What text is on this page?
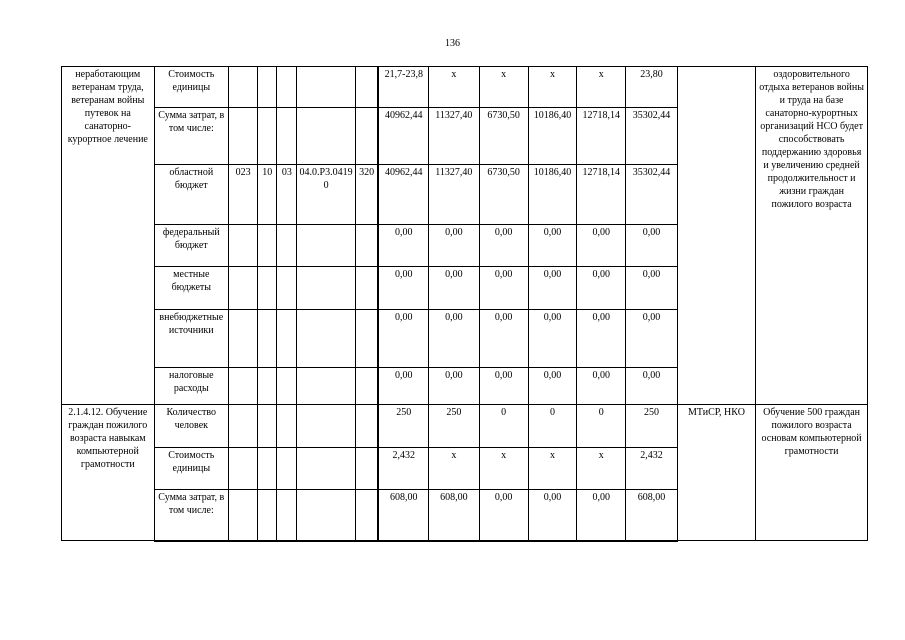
136
неработающим ветеранам труда, ветеранам войны путевок на санаторно-курортное лечение	Стоимость единицы						21,7-23,8	x	x	x	x	23,80		оздоровительного отдыха ветеранов войны и труда на базе санаторно-курортных организаций НСО будет способствовать поддержанию здоровья и увеличению средней продолжительност и жизни граждан пожилого возраста
	Сумма затрат, в том числе:						40962,44	11327,40	6730,50	10186,40	12718,14	35302,44		
	областной бюджет	023	10	03	04.0.Р3.04190	320	40962,44	11327,40	6730,50	10186,40	12718,14	35302,44		
	федеральный бюджет						0,00	0,00	0,00	0,00	0,00	0,00		
	местные бюджеты						0,00	0,00	0,00	0,00	0,00	0,00		
	внебюджетные источники						0,00	0,00	0,00	0,00	0,00	0,00		
	налоговые расходы						0,00	0,00	0,00	0,00	0,00	0,00		
2.1.4.12. Обучение граждан пожилого возраста навыкам компьютерной грамотности	Количество человек						250	250	0	0	0	250	МТиСР, НКО	Обучение 500 граждан пожилого возраста основам компьютерной грамотности
	Стоимость единицы						2,432	x	x	x	x	2,432		
	Сумма затрат, в том числе:						608,00	608,00	0,00	0,00	0,00	608,00		
